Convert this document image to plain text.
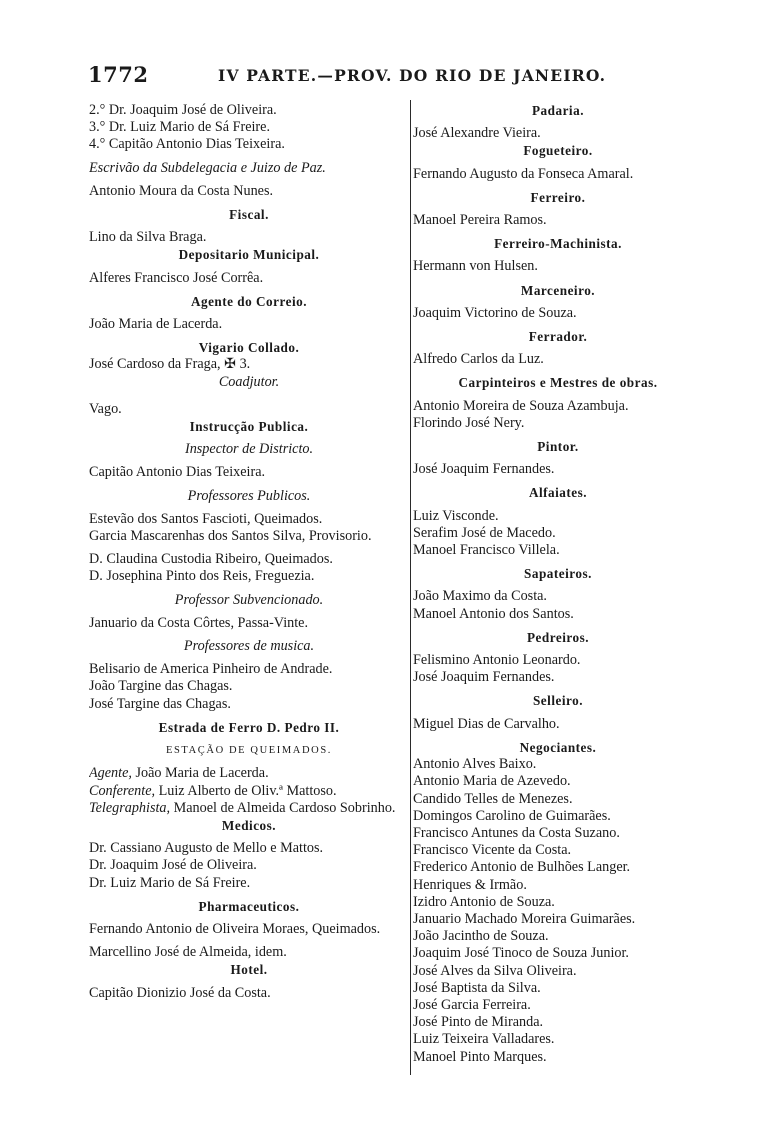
1772	IV PARTE.—PROV. DO RIO DE JANEIRO.
2.° Dr. Joaquim José de Oliveira.
3.° Dr. Luiz Mario de Sá Freire.
4.° Capitão Antonio Dias Teixeira.
Escrivão da Subdelegacia e Juizo de Paz.
Antonio Moura da Costa Nunes.
Fiscal.
Lino da Silva Braga.
Depositario Municipal.
Alferes Francisco José Corrêa.
Agente do Correio.
João Maria de Lacerda.
Vigario Collado.
José Cardoso da Fraga, ✠ 3.
Coadjutor.
Vago.
Instrucção Publica.
Inspector de Districto.
Capitão Antonio Dias Teixeira.
Professores Publicos.
Estevão dos Santos Fascioti, Queimados.
Garcia Mascarenhas dos Santos Silva, Provisorio.
D. Claudina Custodia Ribeiro, Queimados.
D. Josephina Pinto dos Reis, Freguezia.
Professor Subvencionado.
Januario da Costa Côrtes, Passa-Vinte.
Professores de musica.
Belisario de America Pinheiro de Andrade.
João Targine das Chagas.
José Targine das Chagas.
Estrada de Ferro D. Pedro II.
ESTAÇÃO DE QUEIMADOS.
Agente, João Maria de Lacerda.
Conferente, Luiz Alberto de Oliv.ª Mattoso.
Telegraphista, Manoel de Almeida Cardoso Sobrinho.
Medicos.
Dr. Cassiano Augusto de Mello e Mattos.
Dr. Joaquim José de Oliveira.
Dr. Luiz Mario de Sá Freire.
Pharmaceuticos.
Fernando Antonio de Oliveira Moraes, Queimados.
Marcellino José de Almeida, idem.
Hotel.
Capitão Dionizio José da Costa.
Padaria.
José Alexandre Vieira.
Fogueteiro.
Fernando Augusto da Fonseca Amaral.
Ferreiro.
Manoel Pereira Ramos.
Ferreiro-Machinista.
Hermann von Hulsen.
Marceneiro.
Joaquim Victorino de Souza.
Ferrador.
Alfredo Carlos da Luz.
Carpinteiros e Mestres de obras.
Antonio Moreira de Souza Azambuja.
Florindo José Nery.
Pintor.
José Joaquim Fernandes.
Alfaiates.
Luiz Visconde.
Serafim José de Macedo.
Manoel Francisco Villela.
Sapateiros.
João Maximo da Costa.
Manoel Antonio dos Santos.
Pedreiros.
Felismino Antonio Leonardo.
José Joaquim Fernandes.
Selleiro.
Miguel Dias de Carvalho.
Negociantes.
Antonio Alves Baixo.
Antonio Maria de Azevedo.
Candido Telles de Menezes.
Domingos Carolino de Guimarães.
Francisco Antunes da Costa Suzano.
Francisco Vicente da Costa.
Frederico Antonio de Bulhões Langer.
Henriques & Irmão.
Izidro Antonio de Souza.
Januario Machado Moreira Guimarães.
João Jacintho de Souza.
Joaquim José Tinoco de Souza Junior.
José Alves da Silva Oliveira.
José Baptista da Silva.
José Garcia Ferreira.
José Pinto de Miranda.
Luiz Teixeira Valladares.
Manoel Pinto Marques.
